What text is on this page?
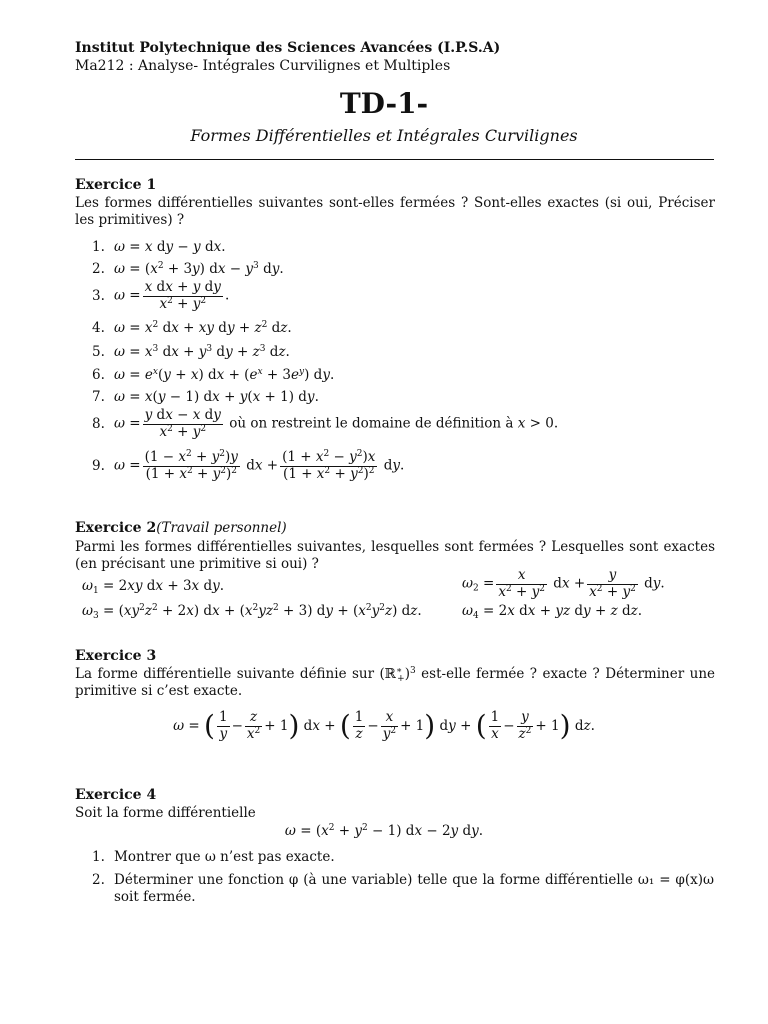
Institut Polytechnique des Sciences Avancées (I.P.S.A)
Ma212 : Analyse- Intégrales Curvilignes et Multiples
TD-1-
Formes Différentielles et Intégrales Curvilignes
Exercice 1
Les formes différentielles suivantes sont-elles fermées ? Sont-elles exactes (si oui, Préciser les primitives) ?
1. ω = x dy − y dx.
2. $\omega = (x^2 + 3y)$ dx − $y^3$ dy.
3. $\omega = \frac{\text{x dx + y dy}}{x^2 + y^2}$ .
4. $\omega = x^2$ dx + xy dy + $z^2$ dz.
5. $\omega = x^3$ dx + $y^3$ dy + $z^3$ dz.
6. $\omega = e^x(y + x)$ dx + $(e^x + 3e^y)$ dy.
7. ω = x(y − 1) dx + y(x + 1) dy.
8. $\omega = \frac{\text{y dx − x dy}}{x^2 + y^2}$ où on restreint le domaine de définition à x > 0.
9. $\omega = \frac{(1 - x^2 + y^2)y}{(1 + x^2 + y^2)^2}$ dx + $\frac{(1 + x^2 - y^2)x}{(1 + x^2 + y^2)^2}$ dy.
Exercice 2(Travail personnel)
Parmi les formes différentielles suivantes, lesquelles sont fermées ? Lesquelles sont exactes (en précisant une primitive si oui) ?
$\omega_1 = 2xy$ dx + 3x dy.	$\omega_2 = \frac{x}{x^2 + y^2}$ dx + $\frac{y}{x^2 + y^2}$ dy.
$\omega_3 = (xy^2z^2 + 2x)$ dx + $(x^2yz^2 + 3)$ dy + $(x^2y^2z)$ dz.	$\omega_4 = 2x$ dx + yz dy + z dz.
Exercice 3
La forme différentielle suivante définie sur (ℝ∗$_+$)$^3$ est-elle fermée ? exacte ? Déterminer une primitive si c’est exacte.
ω = ( $\frac{1}{y} - \frac{z}{x^2} + 1$) dx + ( $\frac{1}{z} - \frac{x}{y^2} + 1$) dy + ( $\frac{1}{x} - \frac{y}{z^2} + 1$) dz.
Exercice 4
Soit la forme différentielle
$\omega = (x^2 + y^2 - 1)$ dx − 2y dy.
1. Montrer que ω n’est pas exacte.
2. Déterminer une fonction φ (à une variable) telle que la forme différentielle ω₁ = φ(x)ω soit fermée.
